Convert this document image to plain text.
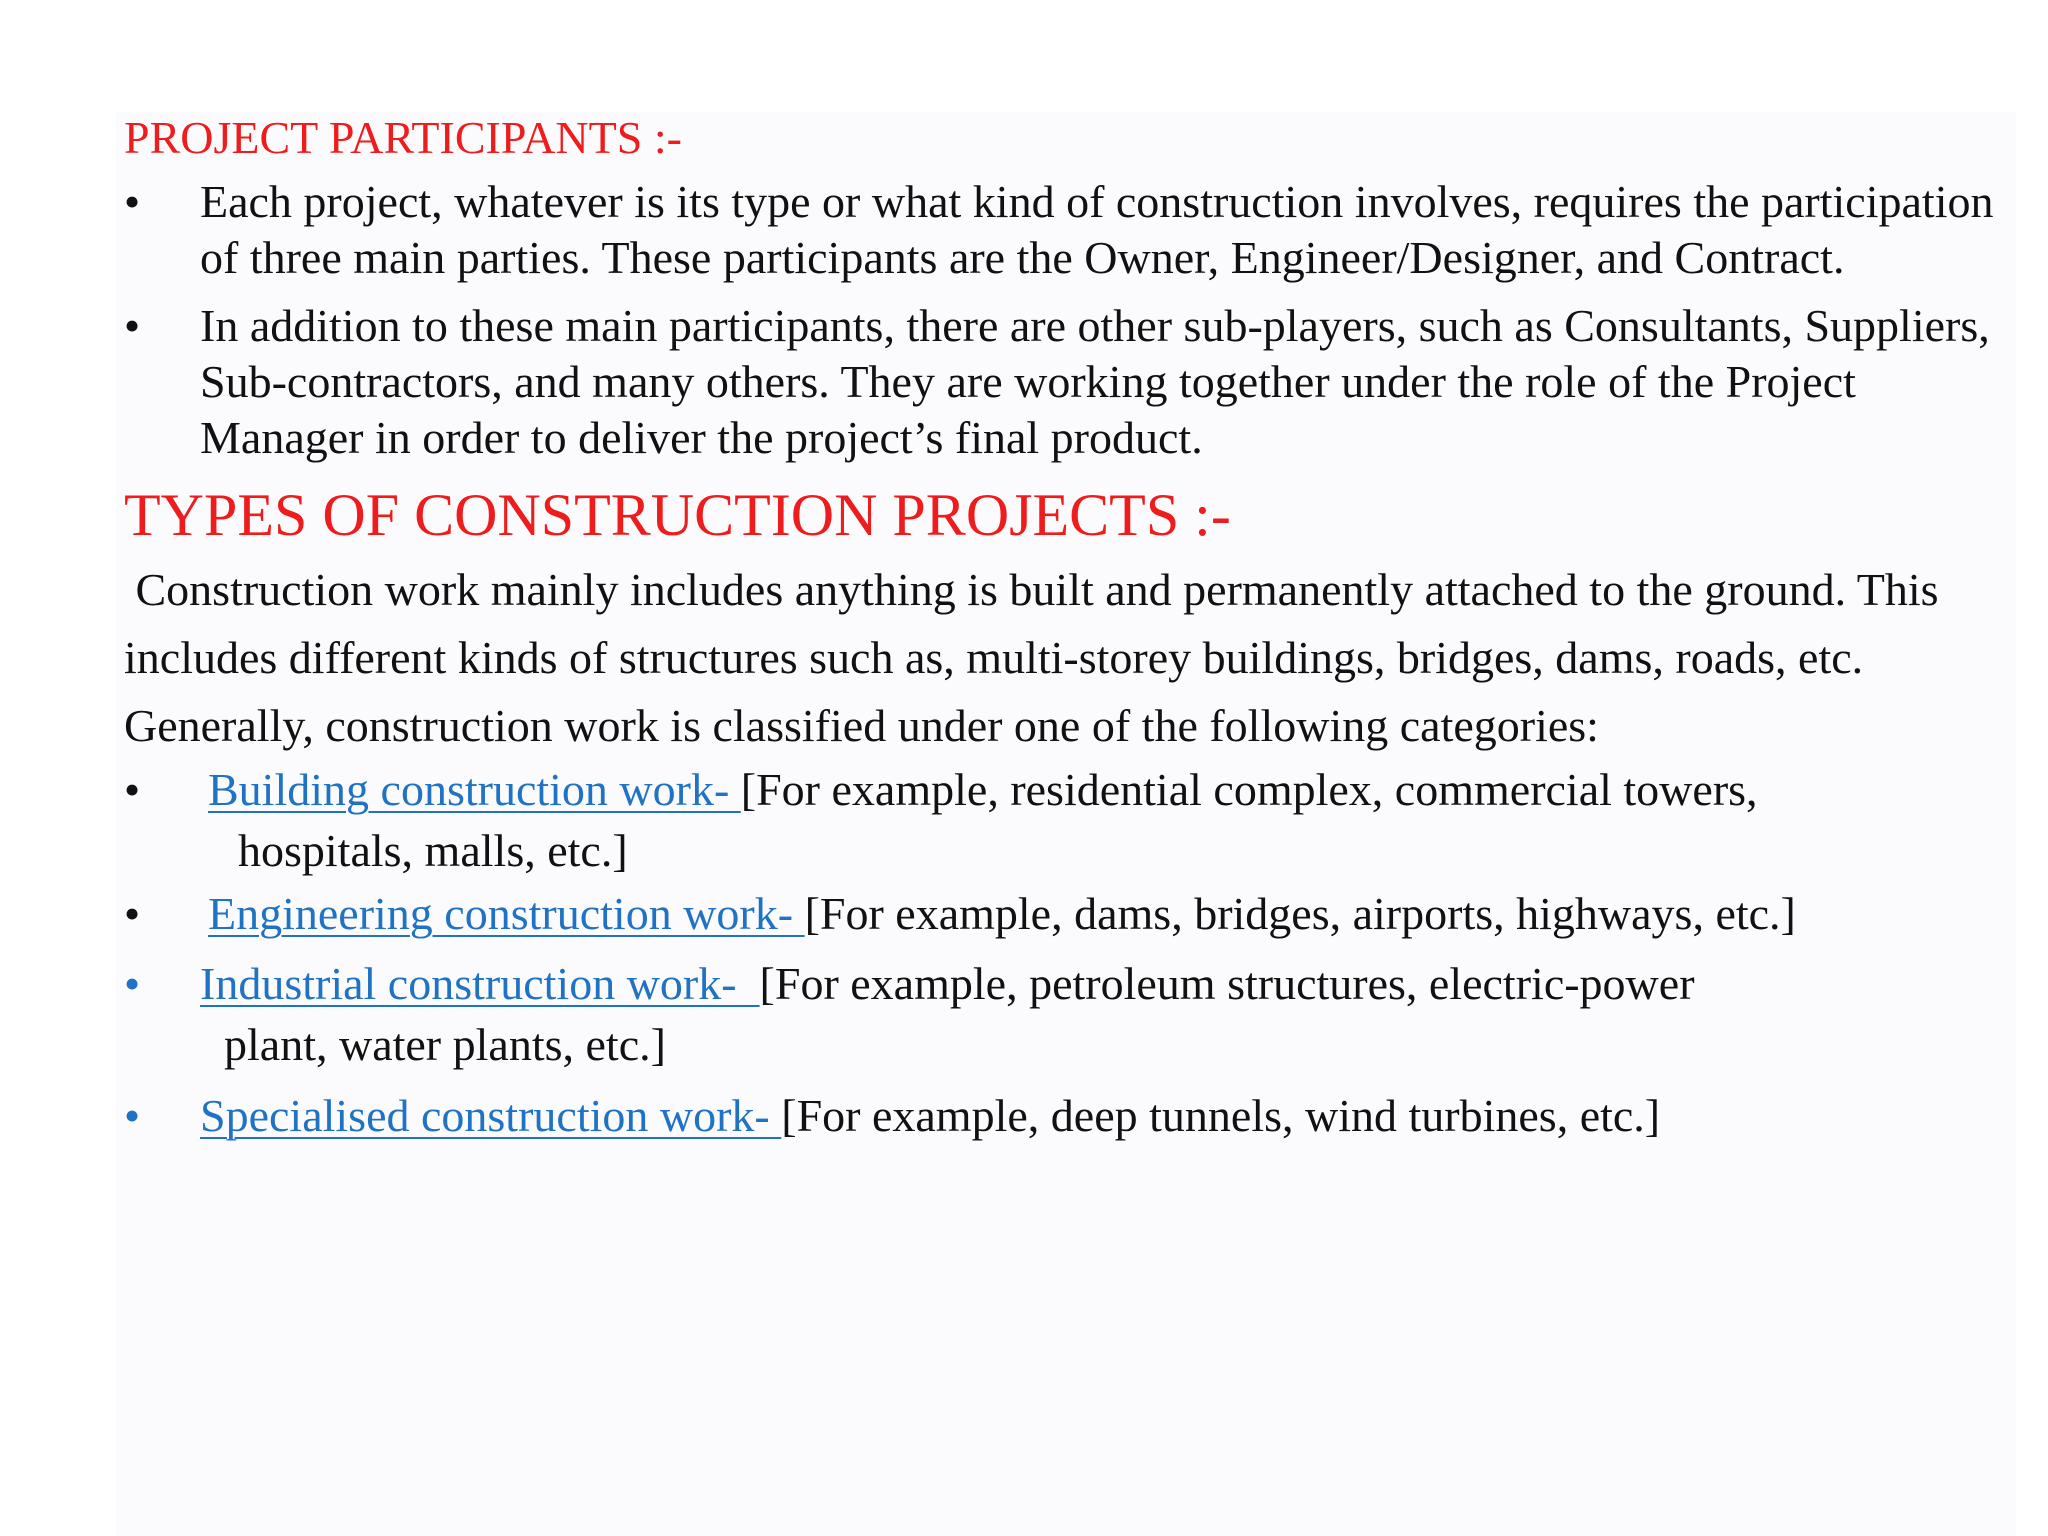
PROJECT PARTICIPANTS :-
•	Each project, whatever is its type or what kind of construction involves, requires the participation of three main parties. These participants are the Owner, Engineer/Designer, and Contract.
•	In addition to these main participants, there are other sub-players, such as Consultants, Suppliers, Sub-contractors, and many others. They are working together under the role of the Project Manager in order to deliver the project’s final product.
TYPES OF CONSTRUCTION PROJECTS :-
Construction work mainly includes anything is built and permanently attached to the ground. This includes different kinds of structures such as, multi-storey buildings, bridges, dams, roads, etc. Generally, construction work is classified under one of the following categories:
•	Building construction work- [For example, residential complex, commercial towers,
hospitals, malls, etc.]
•	Engineering construction work- [For example, dams, bridges, airports, highways, etc.]
•	Industrial construction work-  [For example, petroleum structures, electric-power
plant, water plants, etc.]
•	Specialised construction work- [For example, deep tunnels, wind turbines, etc.]
